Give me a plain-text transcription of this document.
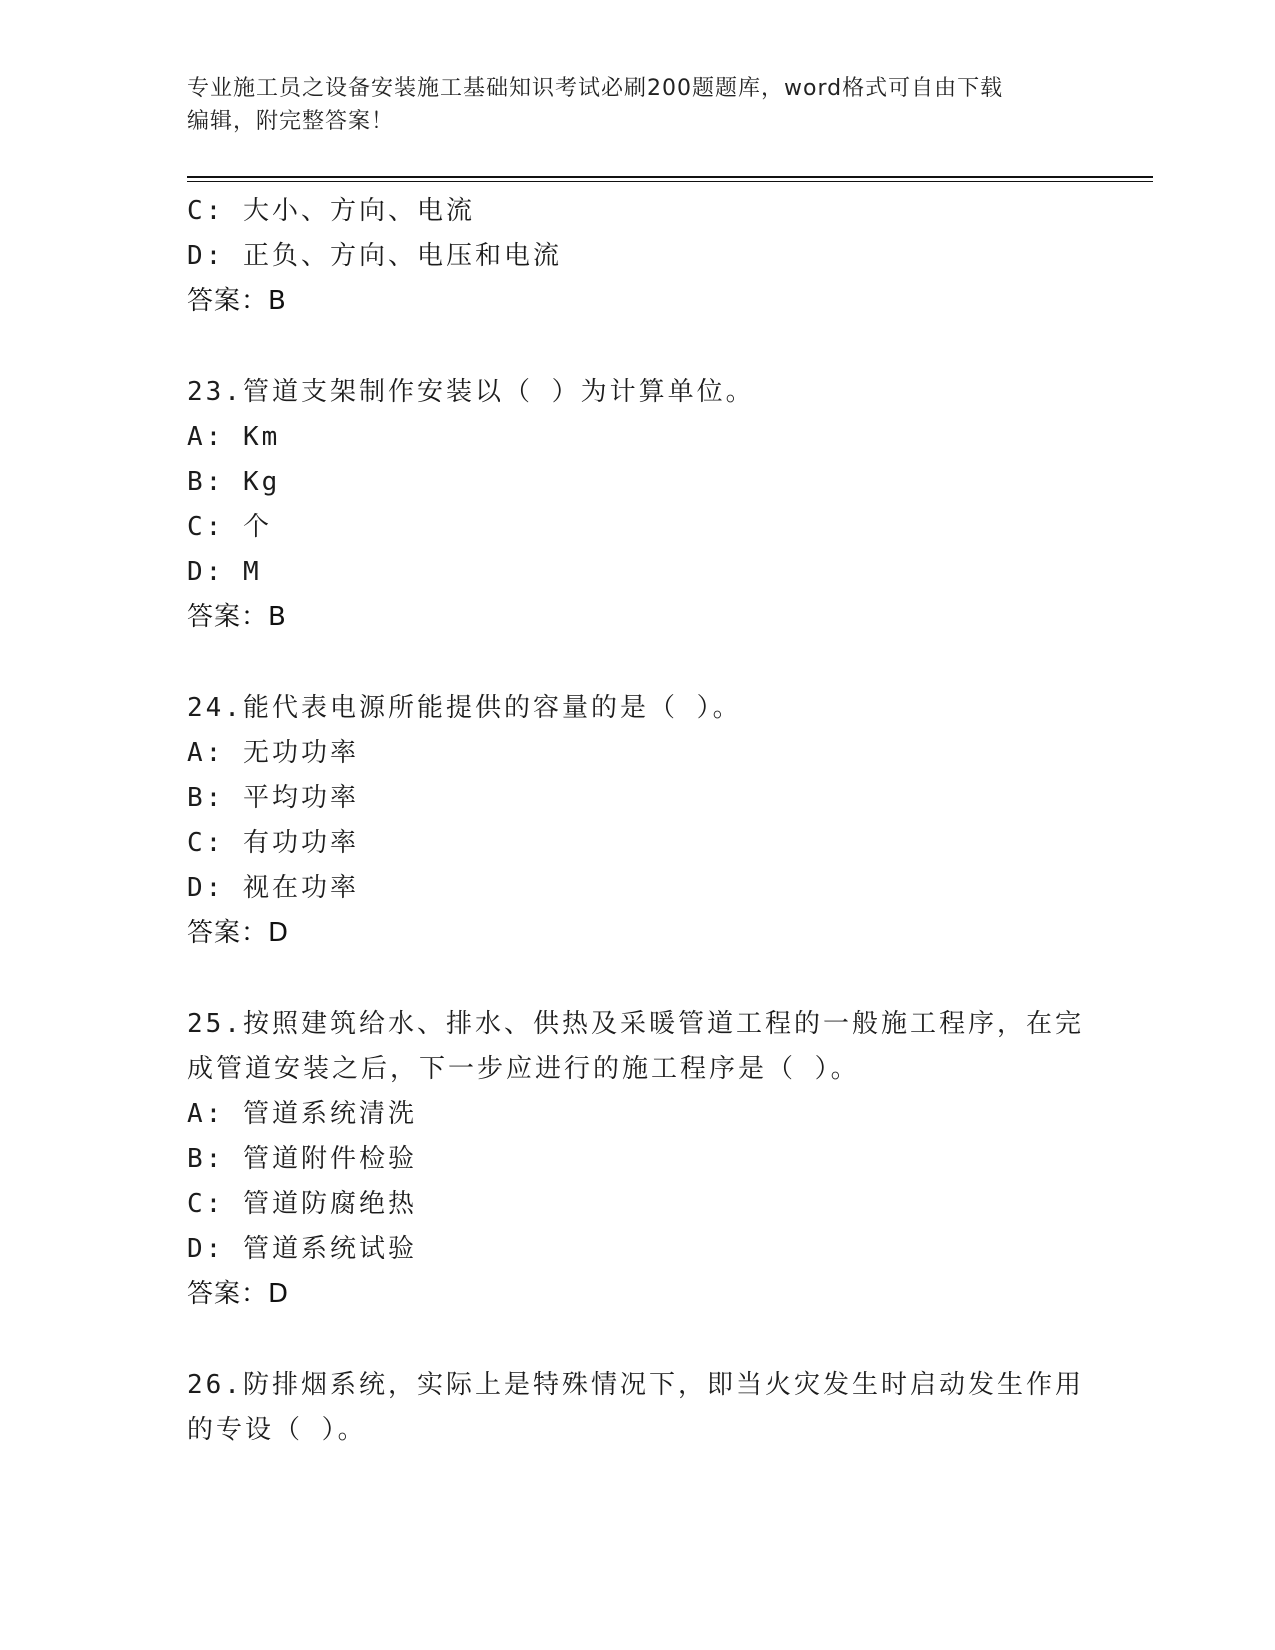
专业施工员之设备安装施工基础知识考试必刷200题题库，word格式可自由下载
编辑，附完整答案！
C: 大小、方向、电流
D: 正负、方向、电压和电流
答案：B
23.管道支架制作安装以（ ）为计算单位。
A: Km
B: Kg
C: 个
D: M
答案：B
24.能代表电源所能提供的容量的是（ ）。
A: 无功功率
B: 平均功率
C: 有功功率
D: 视在功率
答案：D
25.按照建筑给水、排水、供热及采暖管道工程的一般施工程序，在完
成管道安装之后，下一步应进行的施工程序是（ ）。
A: 管道系统清洗
B: 管道附件检验
C: 管道防腐绝热
D: 管道系统试验
答案：D
26.防排烟系统，实际上是特殊情况下，即当火灾发生时启动发生作用
的专设（ ）。
